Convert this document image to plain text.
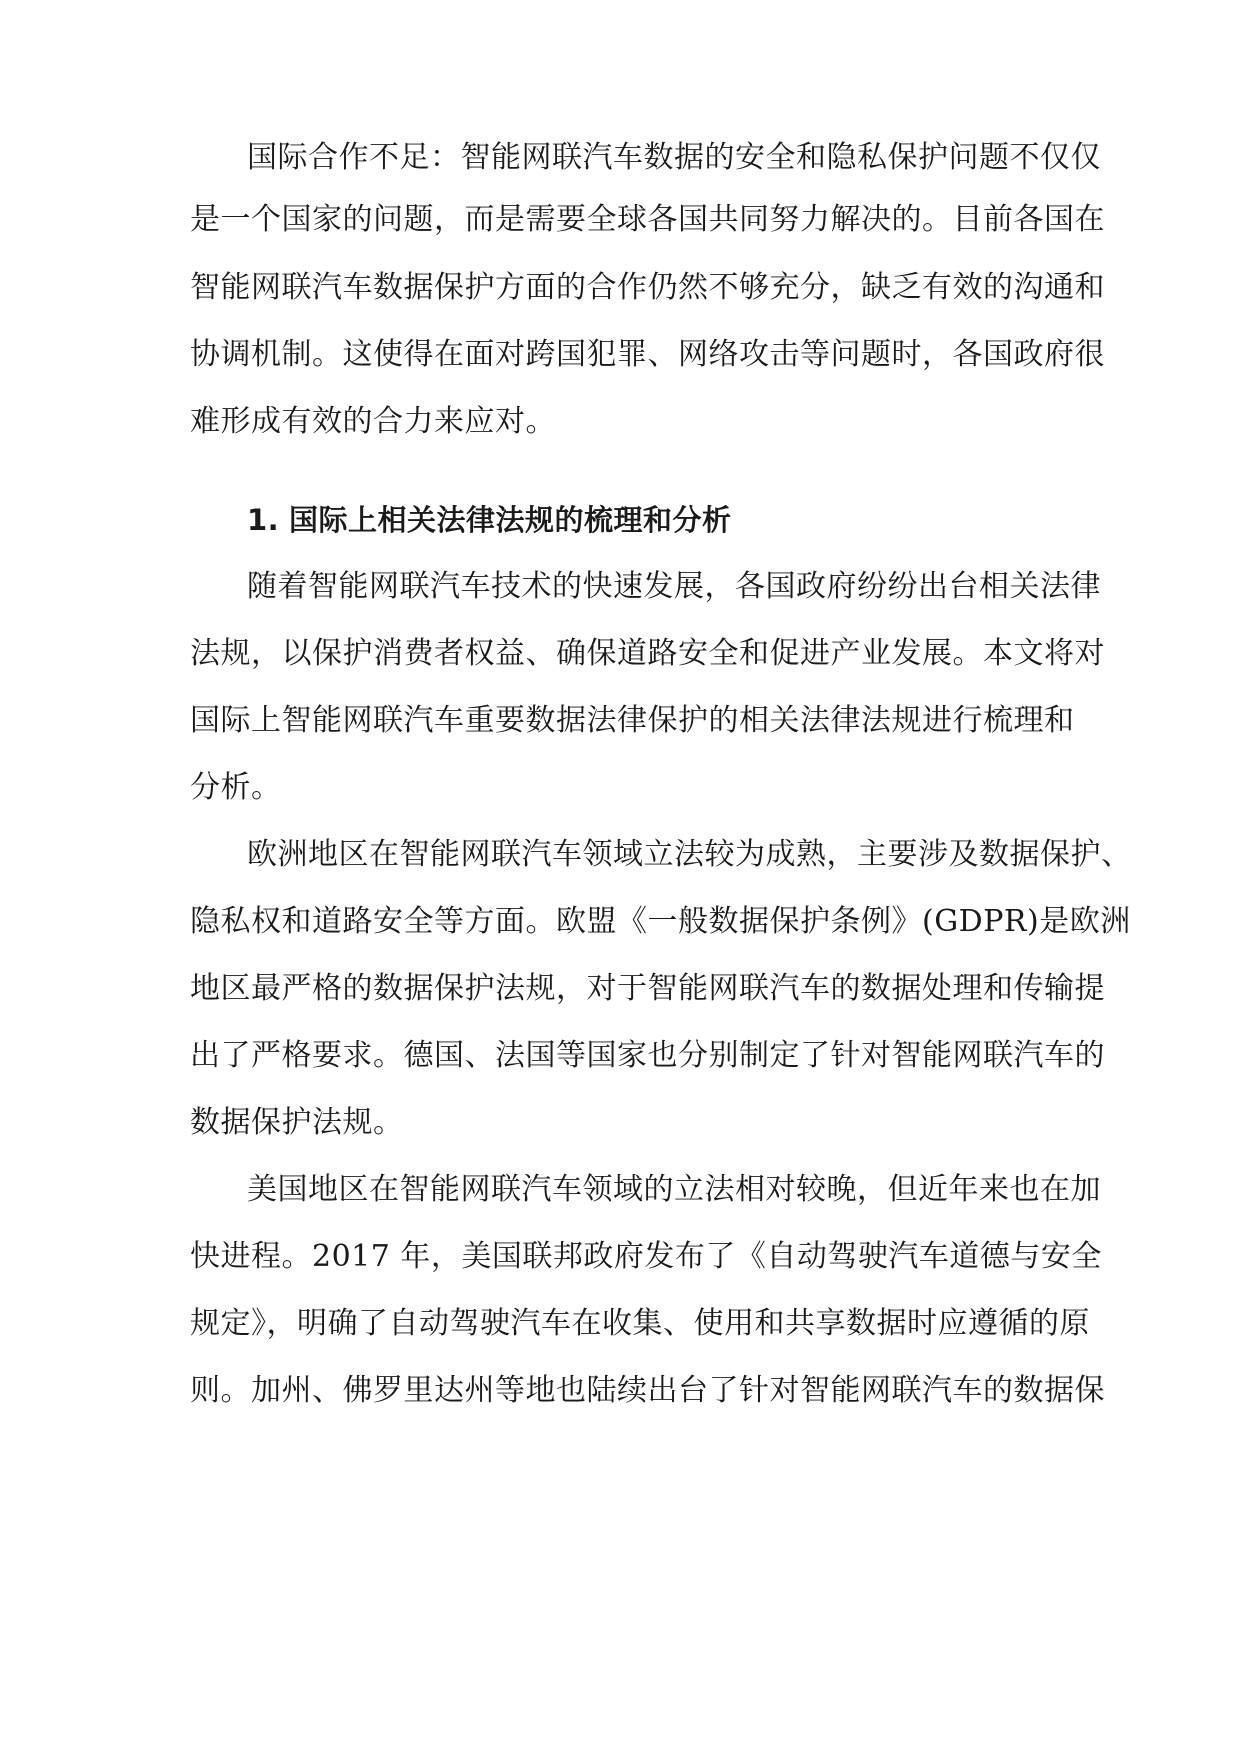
国际合作不足：智能网联汽车数据的安全和隐私保护问题不仅仅
是一个国家的问题，而是需要全球各国共同努力解决的。目前各国在
智能网联汽车数据保护方面的合作仍然不够充分，缺乏有效的沟通和
协调机制。这使得在面对跨国犯罪、网络攻击等问题时，各国政府很
难形成有效的合力来应对。
1. 国际上相关法律法规的梳理和分析
随着智能网联汽车技术的快速发展，各国政府纷纷出台相关法律
法规，以保护消费者权益、确保道路安全和促进产业发展。本文将对
国际上智能网联汽车重要数据法律保护的相关法律法规进行梳理和
分析。
欧洲地区在智能网联汽车领域立法较为成熟，主要涉及数据保护、
隐私权和道路安全等方面。欧盟《一般数据保护条例》(GDPR)是欧洲
地区最严格的数据保护法规，对于智能网联汽车的数据处理和传输提
出了严格要求。德国、法国等国家也分别制定了针对智能网联汽车的
数据保护法规。
美国地区在智能网联汽车领域的立法相对较晚，但近年来也在加
快进程。2017 年，美国联邦政府发布了《自动驾驶汽车道德与安全
规定》，明确了自动驾驶汽车在收集、使用和共享数据时应遵循的原
则。加州、佛罗里达州等地也陆续出台了针对智能网联汽车的数据保
